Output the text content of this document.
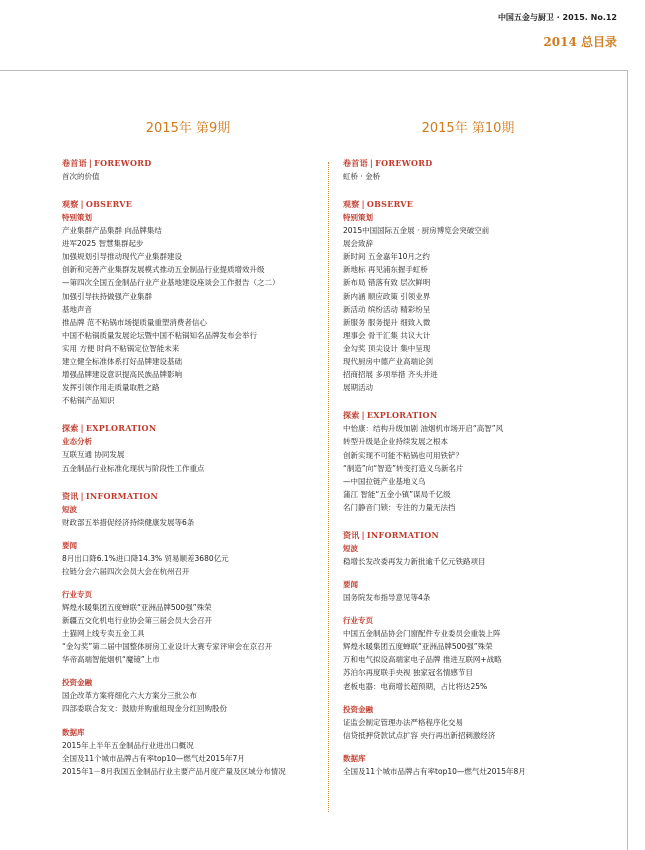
中国五金与厨卫 · 2015. No.12
2014 总目录
2015年 第9期	2015年 第10期
卷首语 | FOREWORD
首次的价值
观察 | OBSERVE
特别策划
产业集群产品集群 向品牌集结
进军2025 智慧集群起步
加强规划引导推动现代产业集群建设
创新和完善产业集群发展模式推动五金制品行业提质增效升级
—第四次全国五金制品行业产业基地建设座谈会工作报告（之二）
加强引导扶持做强产业集群
基地声音
推品牌 范不粘锅市场提质量重塑消费者信心
中国不粘锅质量发展论坛暨中国不粘锅知名品牌发布会举行
实用 方便 时尚不粘锅定位智能未来
建立健全标准体系打好品牌建设基础
增强品牌建设意识提高民族品牌影响
发挥引领作用走质量取胜之路
不粘锅产品知识
探索 | EXPLORATION
业态分析
互联互通 协同发展
五金制品行业标准化现状与阶段性工作重点
资讯 | INFORMATION
短波
财政部五举措促经济持续健康发展等6条
要闻
8月出口降6.1%进口降14.3% 贸易顺差3680亿元
拉链分会六届四次会员大会在杭州召开
行业专页
辉煌水暖集团五度蝉联“亚洲品牌500强”殊荣
新疆五交化机电行业协会第三届会员大会召开
土猫网上线专卖五金工具
“金勾奖”第二届中国整体厨房工业设计大赛专家评审会在京召开
华帝高端智能烟机“魔镜”上市
投资金融
国企改革方案将细化六大方案分三批公布
四部委联合发文：鼓励并购重组现金分红回购股份
数据库
2015年上半年五金制品行业进出口概况
全国及11个城市品牌占有率top10—燃气灶2015年7月
2015年1－8月我国五金制品行业主要产品月度产量及区域分布情况
卷首语 | FOREWORD
虹桥 · 金桥
观察 | OBSERVE
特别策划
2015中国国际五金展 · 厨房博览会突破空前
展会致辞
新时间 五金嘉年10月之约
新地标 再见浦东握手虹桥
新布局 错落有致 层次鲜明
新内涵 顺应政策 引领业界
新活动 缤纷活动 精彩纷呈
新服务 服务提升 细致入微
理事会 骨干汇集 共议大计
金勾奖 顶尖设计 集中呈现
现代厨房中德产业高端论剑
招商招展 多项举措 齐头并进
展期活动
探索 | EXPLORATION
中怡康：结构升级加剧 油烟机市场开启“高智”风
转型升级是企业持续发展之根本
创新实现不可能不粘锅也可用铁铲？
“制造”向“智造”转变打造义乌新名片
—中国拉链产业基地义乌
蒲江 智能“五金小镇”谋局千亿级
名门静音门锁：专注的力量无法挡
资讯 | INFORMATION
短波
稳增长发改委再发力新批逾千亿元铁路项目
要闻
国务院发布指导意见等4条
行业专页
中国五金制品协会门窗配件专业委员会重装上阵
辉煌水暖集团五度蝉联“亚洲品牌500强”殊荣
万和电气拟设高端家电子品牌 推进互联网+战略
苏泊尔再度联手央视 独家冠名情感节目
老板电器：电商增长超预期，占比将达25%
投资金融
证监会制定管理办法严格程序化交易
信贷抵押贷款试点扩容 央行再出新招刺激经济
数据库
全国及11个城市品牌占有率top10—燃气灶2015年8月
